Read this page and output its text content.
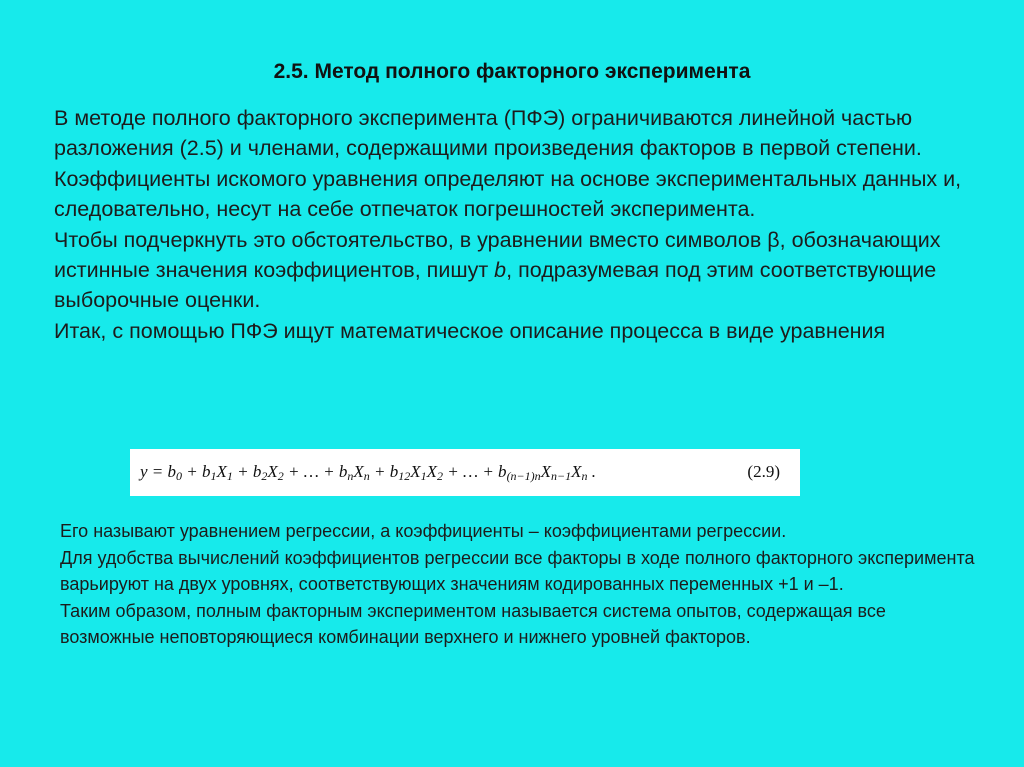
2.5. Метод полного факторного эксперимента

В методе полного факторного эксперимента (ПФЭ) ограничиваются линейной частью разложения (2.5) и членами, содержащими произведения факторов в первой степени.

Коэффициенты искомого уравнения определяют на основе экспериментальных данных и, следовательно, несут на себе отпечаток погрешностей эксперимента.

Чтобы подчеркнуть это обстоятельство, в уравнении вместо символов β, обозначающих истинные значения коэффициентов, пишут b, подразумевая под этим соответствующие выборочные оценки.

Итак, с помощью ПФЭ ищут математическое описание процесса в виде уравнения

$y = b_0 + b_1X_1 + b_2X_2$ + … + $b_nX_n + b_{12}X_1X_2$ + … + $b_{(n-1)n}X_{n-1}X_n$ .	(2.9)

Его называют уравнением регрессии, а коэффициенты – коэффициентами регрессии.

Для удобства вычислений коэффициентов регрессии все факторы в ходе полного факторного эксперимента варьируют на двух уровнях, соответствующих значениям кодированных переменных +1 и –1.

Таким образом, полным факторным экспериментом называется система опытов, содержащая все возможные неповторяющиеся комбинации верхнего и нижнего уровней факторов.
